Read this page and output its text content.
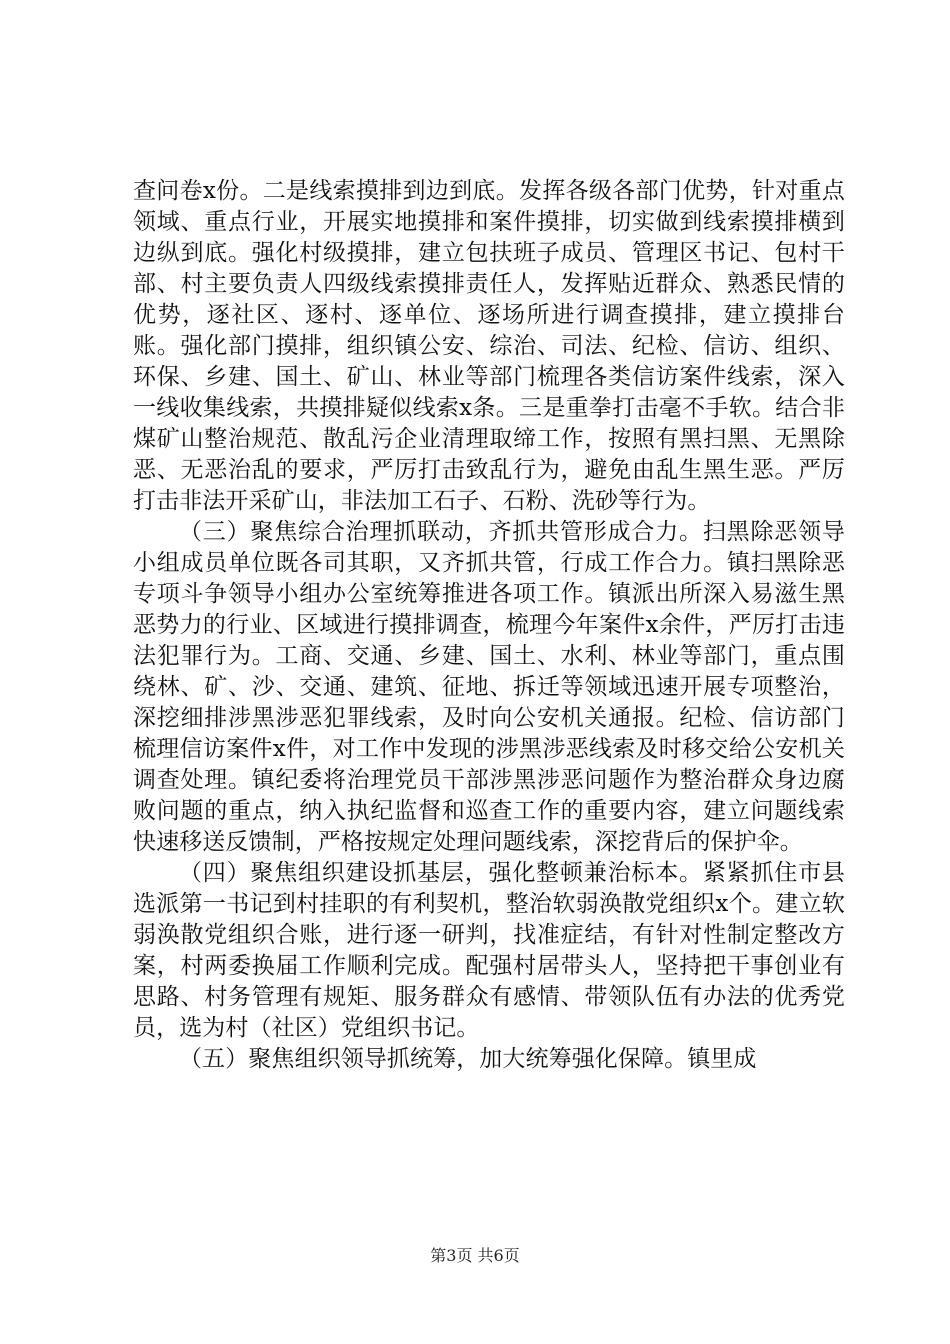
查问卷x份。二是线索摸排到边到底。发挥各级各部门优势，针对重点领域、重点行业，开展实地摸排和案件摸排，切实做到线索摸排横到边纵到底。强化村级摸排，建立包扶班子成员、管理区书记、包村干部、村主要负责人四级线索摸排责任人，发挥贴近群众、熟悉民情的优势，逐社区、逐村、逐单位、逐场所进行调查摸排，建立摸排台账。强化部门摸排，组织镇公安、综治、司法、纪检、信访、组织、环保、乡建、国土、矿山、林业等部门梳理各类信访案件线索，深入一线收集线索，共摸排疑似线索x条。三是重拳打击毫不手软。结合非煤矿山整治规范、散乱污企业清理取缔工作，按照有黑扫黑、无黑除恶、无恶治乱的要求，严厉打击致乱行为，避免由乱生黑生恶。严厉打击非法开采矿山，非法加工石子、石粉、洗砂等行为。

（三）聚焦综合治理抓联动，齐抓共管形成合力。扫黑除恶领导小组成员单位既各司其职，又齐抓共管，行成工作合力。镇扫黑除恶专项斗争领导小组办公室统筹推进各项工作。镇派出所深入易滋生黑恶势力的行业、区域进行摸排调查，梳理今年案件x余件，严厉打击违法犯罪行为。工商、交通、乡建、国土、水利、林业等部门，重点围绕林、矿、沙、交通、建筑、征地、拆迁等领域迅速开展专项整治，深挖细排涉黑涉恶犯罪线索，及时向公安机关通报。纪检、信访部门梳理信访案件x件，对工作中发现的涉黑涉恶线索及时移交给公安机关调查处理。镇纪委将治理党员干部涉黑涉恶问题作为整治群众身边腐败问题的重点，纳入执纪监督和巡查工作的重要内容，建立问题线索快速移送反馈制，严格按规定处理问题线索，深挖背后的保护伞。

（四）聚焦组织建设抓基层，强化整顿兼治标本。紧紧抓住市县选派第一书记到村挂职的有利契机，整治软弱涣散党组织x个。建立软弱涣散党组织合账，进行逐一研判，找准症结，有针对性制定整改方案，村两委换届工作顺利完成。配强村居带头人，坚持把干事创业有思路、村务管理有规矩、服务群众有感情、带领队伍有办法的优秀党员，选为村（社区）党组织书记。

（五）聚焦组织领导抓统筹，加大统筹强化保障。镇里成

第3页 共6页
